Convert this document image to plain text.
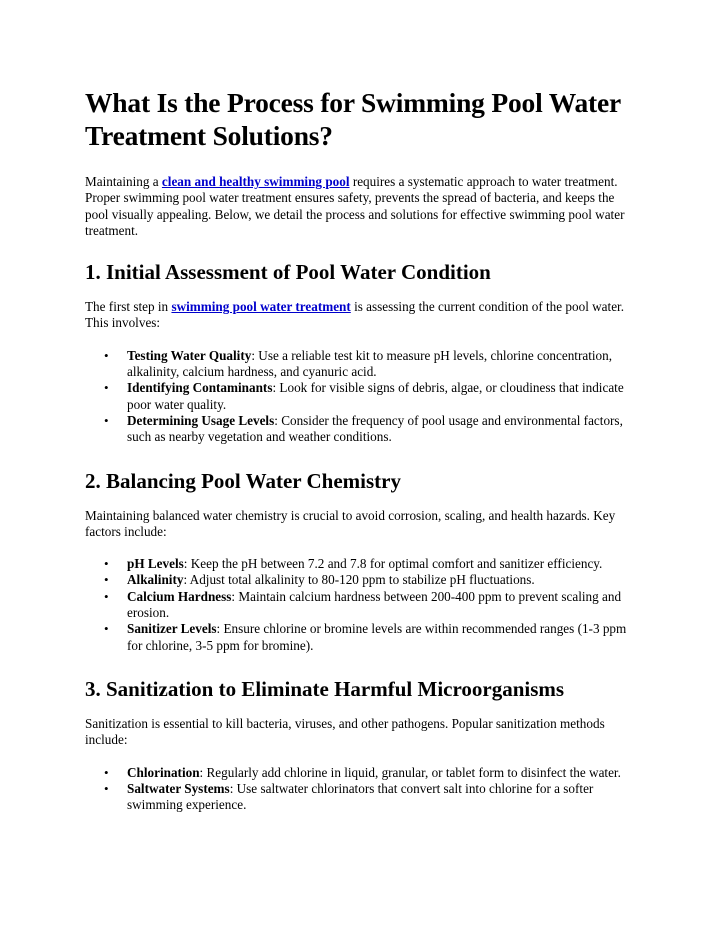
What Is the Process for Swimming Pool Water Treatment Solutions?

Maintaining a clean and healthy swimming pool requires a systematic approach to water treatment. Proper swimming pool water treatment ensures safety, prevents the spread of bacteria, and keeps the pool visually appealing. Below, we detail the process and solutions for effective swimming pool water treatment.

1. Initial Assessment of Pool Water Condition

The first step in swimming pool water treatment is assessing the current condition of the pool water. This involves:

• Testing Water Quality: Use a reliable test kit to measure pH levels, chlorine concentration, alkalinity, calcium hardness, and cyanuric acid.
• Identifying Contaminants: Look for visible signs of debris, algae, or cloudiness that indicate poor water quality.
• Determining Usage Levels: Consider the frequency of pool usage and environmental factors, such as nearby vegetation and weather conditions.
2. Balancing Pool Water Chemistry

Maintaining balanced water chemistry is crucial to avoid corrosion, scaling, and health hazards. Key factors include:

• pH Levels: Keep the pH between 7.2 and 7.8 for optimal comfort and sanitizer efficiency.
• Alkalinity: Adjust total alkalinity to 80-120 ppm to stabilize pH fluctuations.
• Calcium Hardness: Maintain calcium hardness between 200-400 ppm to prevent scaling and erosion.
• Sanitizer Levels: Ensure chlorine or bromine levels are within recommended ranges (1-3 ppm for chlorine, 3-5 ppm for bromine).
3. Sanitization to Eliminate Harmful Microorganisms

Sanitization is essential to kill bacteria, viruses, and other pathogens. Popular sanitization methods include:

• Chlorination: Regularly add chlorine in liquid, granular, or tablet form to disinfect the water.
• Saltwater Systems: Use saltwater chlorinators that convert salt into chlorine for a softer swimming experience.
